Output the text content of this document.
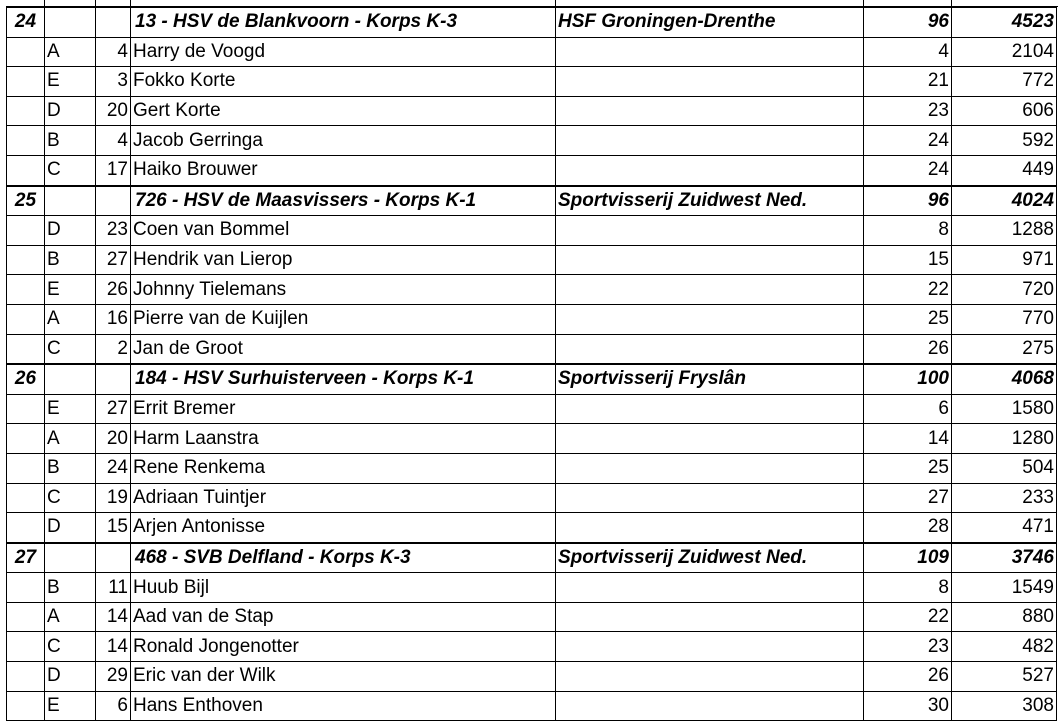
24			13 - HSV de Blankvoorn - Korps K-3	HSF Groningen-Drenthe	96	4523
	A	4	Harry de Voogd		4	2104
	E	3	Fokko Korte		21	772
	D	20	Gert Korte		23	606
	B	4	Jacob Gerringa		24	592
	C	17	Haiko Brouwer		24	449
25			726 - HSV de Maasvissers - Korps K-1	Sportvisserij Zuidwest Ned.	96	4024
	D	23	Coen van Bommel		8	1288
	B	27	Hendrik van Lierop		15	971
	E	26	Johnny Tielemans		22	720
	A	16	Pierre van de Kuijlen		25	770
	C	2	Jan de Groot		26	275
26			184 - HSV Surhuisterveen - Korps K-1	Sportvisserij Fryslân	100	4068
	E	27	Errit Bremer		6	1580
	A	20	Harm Laanstra		14	1280
	B	24	Rene Renkema		25	504
	C	19	Adriaan Tuintjer		27	233
	D	15	Arjen Antonisse		28	471
27			468 - SVB Delfland - Korps K-3	Sportvisserij Zuidwest Ned.	109	3746
	B	11	Huub Bijl		8	1549
	A	14	Aad van de Stap		22	880
	C	14	Ronald Jongenotter		23	482
	D	29	Eric van der Wilk		26	527
	E	6	Hans Enthoven		30	308
